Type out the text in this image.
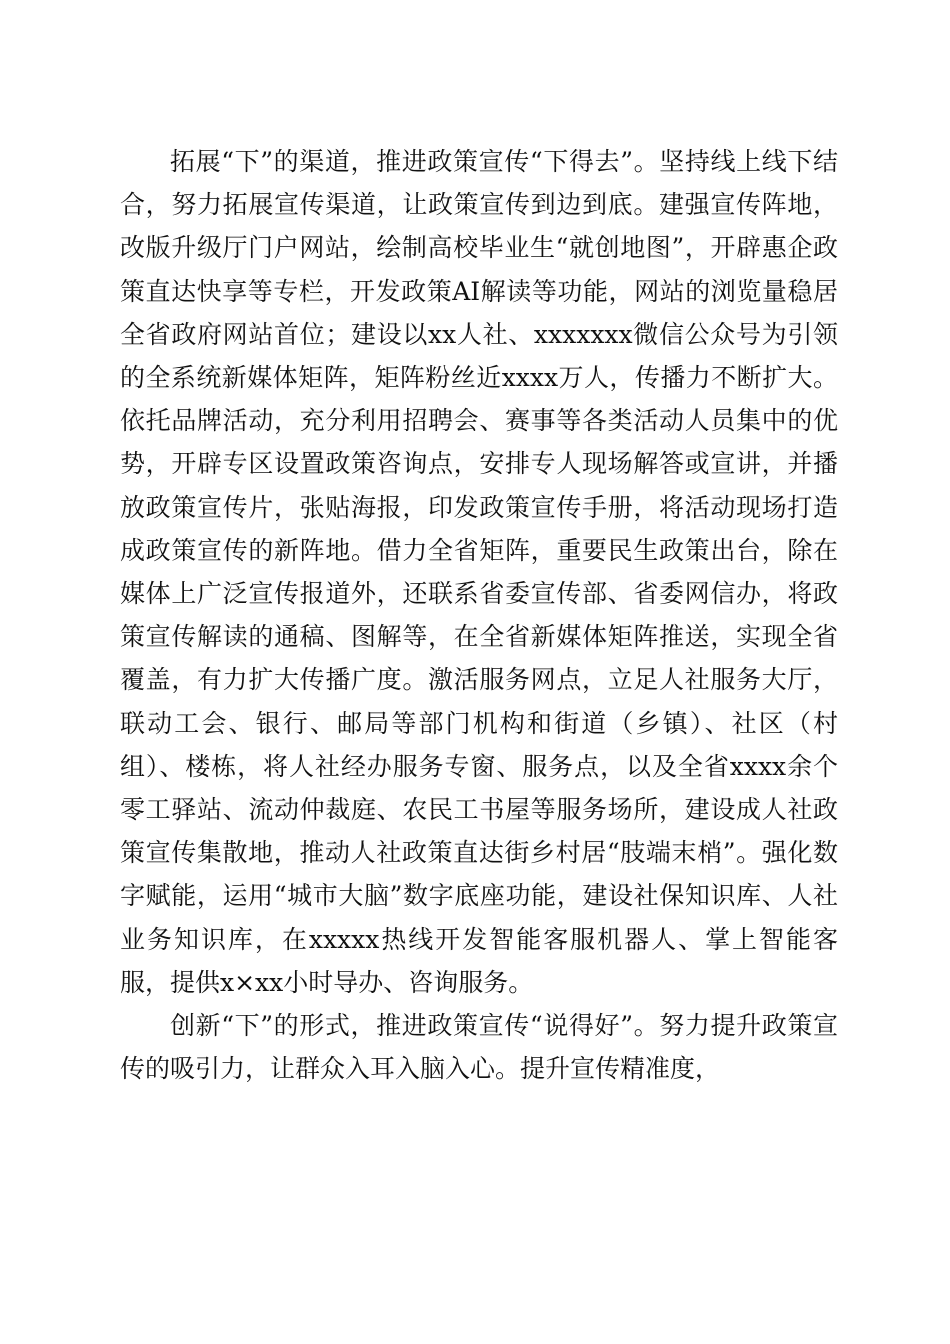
拓展“下”的渠道，推进政策宣传“下得去”。坚持线上线下结合，努力拓展宣传渠道，让政策宣传到边到底。建强宣传阵地，改版升级厅门户网站，绘制高校毕业生“就创地图”，开辟惠企政策直达快享等专栏，开发政策AI解读等功能，网站的浏览量稳居全省政府网站首位；建设以xx人社、xxxxxxx微信公众号为引领的全系统新媒体矩阵，矩阵粉丝近xxxx万人，传播力不断扩大。依托品牌活动，充分利用招聘会、赛事等各类活动人员集中的优势，开辟专区设置政策咨询点，安排专人现场解答或宣讲，并播放政策宣传片，张贴海报，印发政策宣传手册，将活动现场打造成政策宣传的新阵地。借力全省矩阵，重要民生政策出台，除在媒体上广泛宣传报道外，还联系省委宣传部、省委网信办，将政策宣传解读的通稿、图解等，在全省新媒体矩阵推送，实现全省覆盖，有力扩大传播广度。激活服务网点，立足人社服务大厅，联动工会、银行、邮局等部门机构和街道（乡镇）、社区（村组）、楼栋，将人社经办服务专窗、服务点，以及全省xxxx余个零工驿站、流动仲裁庭、农民工书屋等服务场所，建设成人社政策宣传集散地，推动人社政策直达街乡村居“肢端末梢”。强化数字赋能，运用“城市大脑”数字底座功能，建设社保知识库、人社业务知识库，在xxxxx热线开发智能客服机器人、掌上智能客服，提供x×xx小时导办、咨询服务。

创新“下”的形式，推进政策宣传“说得好”。努力提升政策宣传的吸引力，让群众入耳入脑入心。提升宣传精准度，
